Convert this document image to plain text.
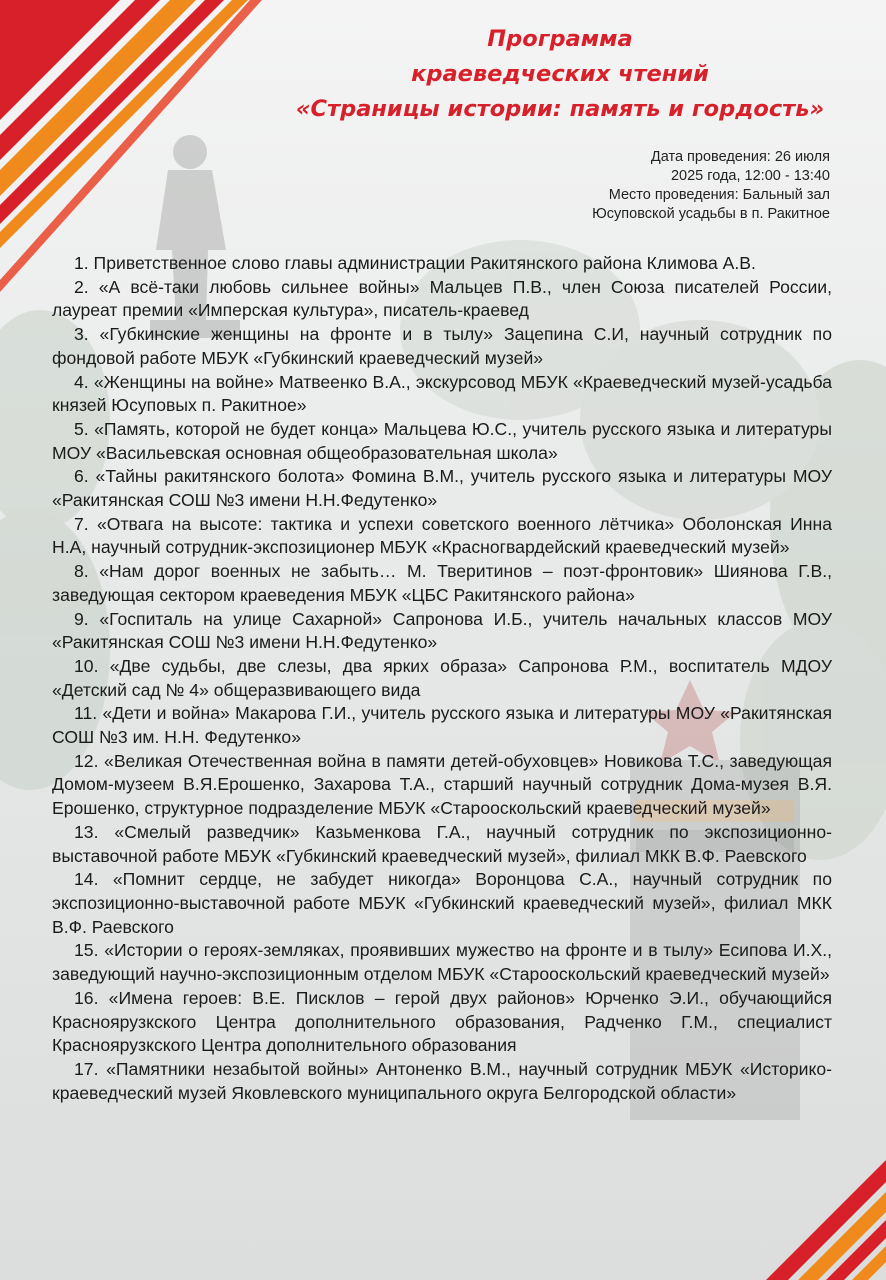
Программа
краеведческих чтений
«Страницы истории: память и гордость»
Дата проведения: 26 июля
2025 года, 12:00 - 13:40
Место проведения: Бальный зал
Юсуповской усадьбы в п. Ракитное

1. Приветственное слово главы администрации Ракитянского района Климова А.В.

2. «А всё-таки любовь сильнее войны» Мальцев П.В., член Союза писателей России, лауреат премии «Имперская культура», писатель-краевед

3. «Губкинские женщины на фронте и в тылу» Зацепина С.И, научный сотрудник по фондовой работе МБУК «Губкинский краеведческий музей»

4. «Женщины на войне» Матвеенко В.А., экскурсовод МБУК «Краеведческий музей-усадьба князей Юсуповых п. Ракитное»

5. «Память, которой не будет конца» Мальцева Ю.С., учитель русского языка и литературы МОУ «Васильевская основная общеобразовательная школа»

6. «Тайны ракитянского болота» Фомина В.М., учитель русского языка и литературы МОУ «Ракитянская СОШ №3 имени Н.Н.Федутенко»

7. «Отвага на высоте: тактика и успехи советского военного лётчика» Оболонская Инна Н.А, научный сотрудник-экспозиционер МБУК «Красногвардейский краеведческий музей»

8. «Нам дорог военных не забыть… М. Тверитинов – поэт-фронтовик» Шиянова Г.В., заведующая сектором краеведения МБУК «ЦБС Ракитянского района»

9. «Госпиталь на улице Сахарной» Сапронова И.Б., учитель начальных классов МОУ «Ракитянская СОШ №3 имени Н.Н.Федутенко»

10. «Две судьбы, две слезы, два ярких образа» Сапронова Р.М., воспитатель МДОУ «Детский сад № 4» общеразвивающего вида

11. «Дети и война» Макарова Г.И., учитель русского языка и литературы МОУ «Ракитянская СОШ №3 им. Н.Н. Федутенко»

12. «Великая Отечественная война в памяти детей-обуховцев» Новикова Т.С., заведующая Домом-музеем В.Я.Ерошенко, Захарова Т.А., старший научный сотрудник Дома-музея В.Я. Ерошенко, структурное подразделение МБУК «Старооскольский краеведческий музей»

13. «Смелый разведчик» Казьменкова Г.А., научный сотрудник по экспозиционно-выставочной работе МБУК «Губкинский краеведческий музей», филиал МКК В.Ф. Раевского

14. «Помнит сердце, не забудет никогда» Воронцова С.А., научный сотрудник по экспозиционно-выставочной работе МБУК «Губкинский краеведческий музей», филиал МКК В.Ф. Раевского

15. «Истории о героях-земляках, проявивших мужество на фронте и в тылу» Есипова И.Х., заведующий научно-экспозиционным отделом МБУК «Старооскольский краеведческий музей»

16. «Имена героев: В.Е. Писклов – герой двух районов» Юрченко Э.И., обучающийся Красноярузкского Центра дополнительного образования, Радченко Г.М., специалист Красноярузкского Центра дополнительного образования

17. «Памятники незабытой войны» Антоненко В.М., научный сотрудник МБУК «Историко-краеведческий музей Яковлевского муниципального округа Белгородской области»
